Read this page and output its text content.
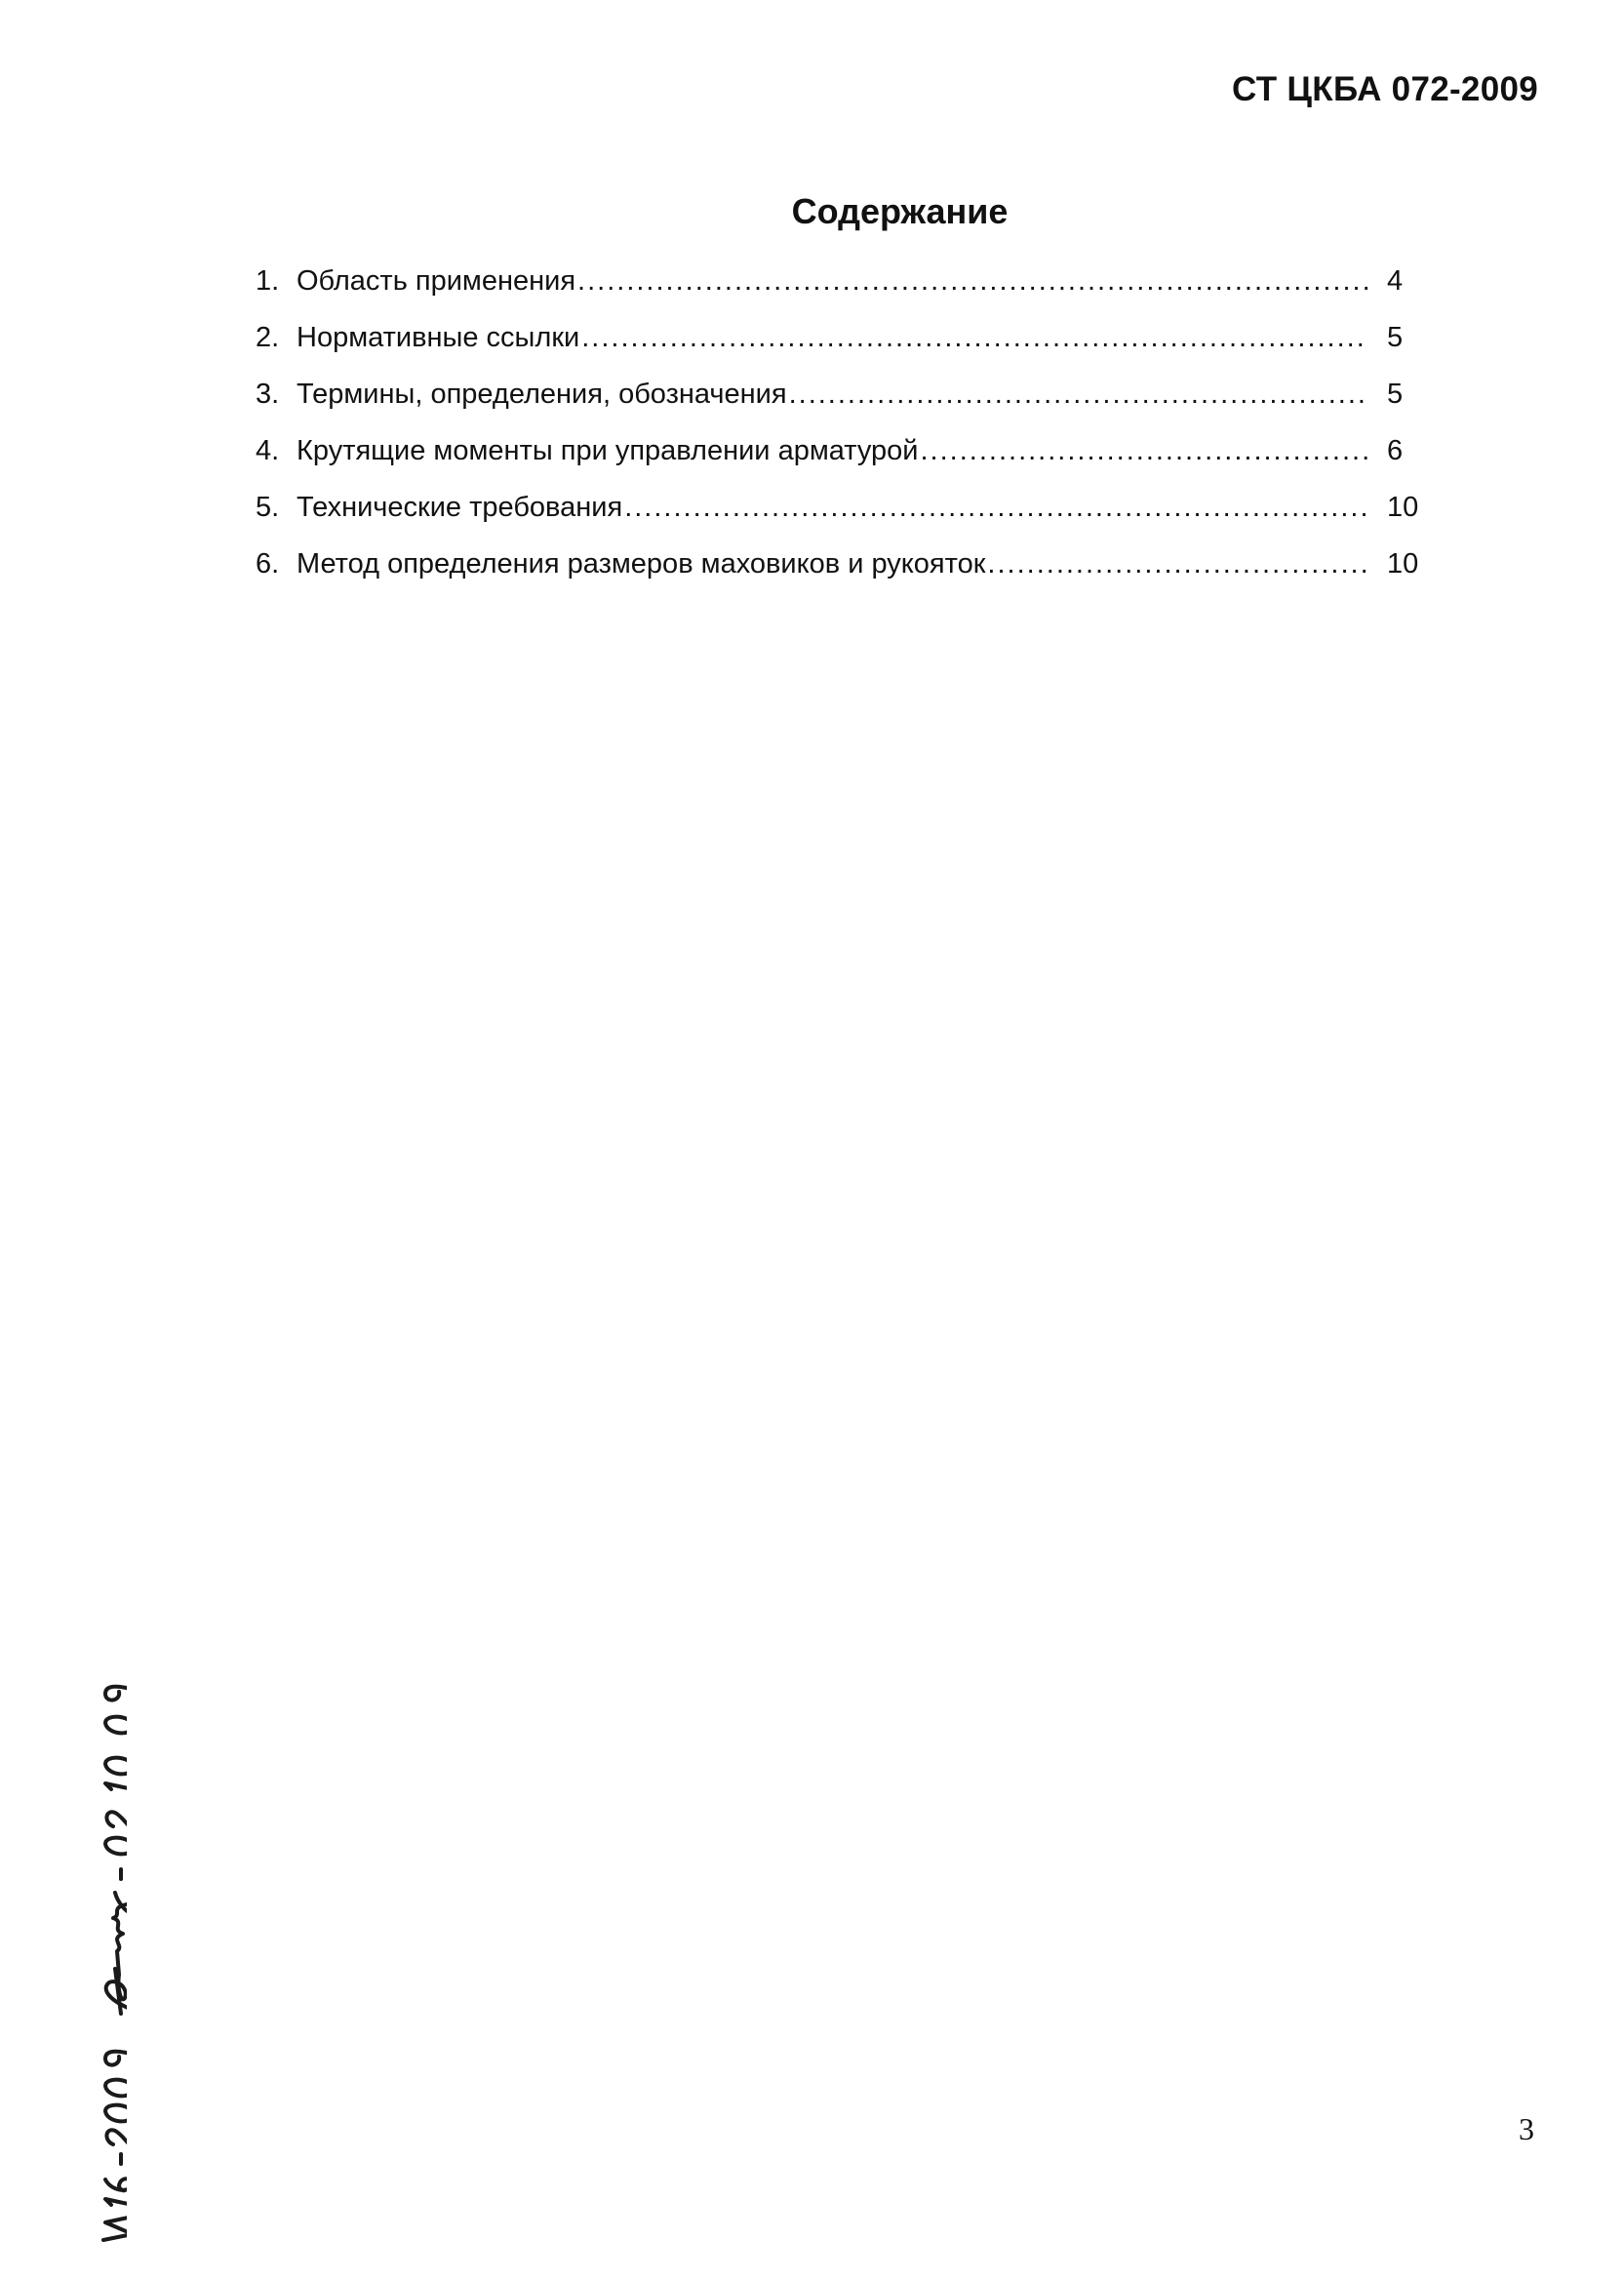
СТ ЦКБА 072-2009
Содержание
1. Область применения .....	4
2. Нормативные ссылки .....	5
3. Термины, определения, обозначения .....	5
4. Крутящие моменты при управлении арматурой .....	6
5. Технические требования .....	10
6. Метод определения размеров маховиков и рукояток .....	10
3
